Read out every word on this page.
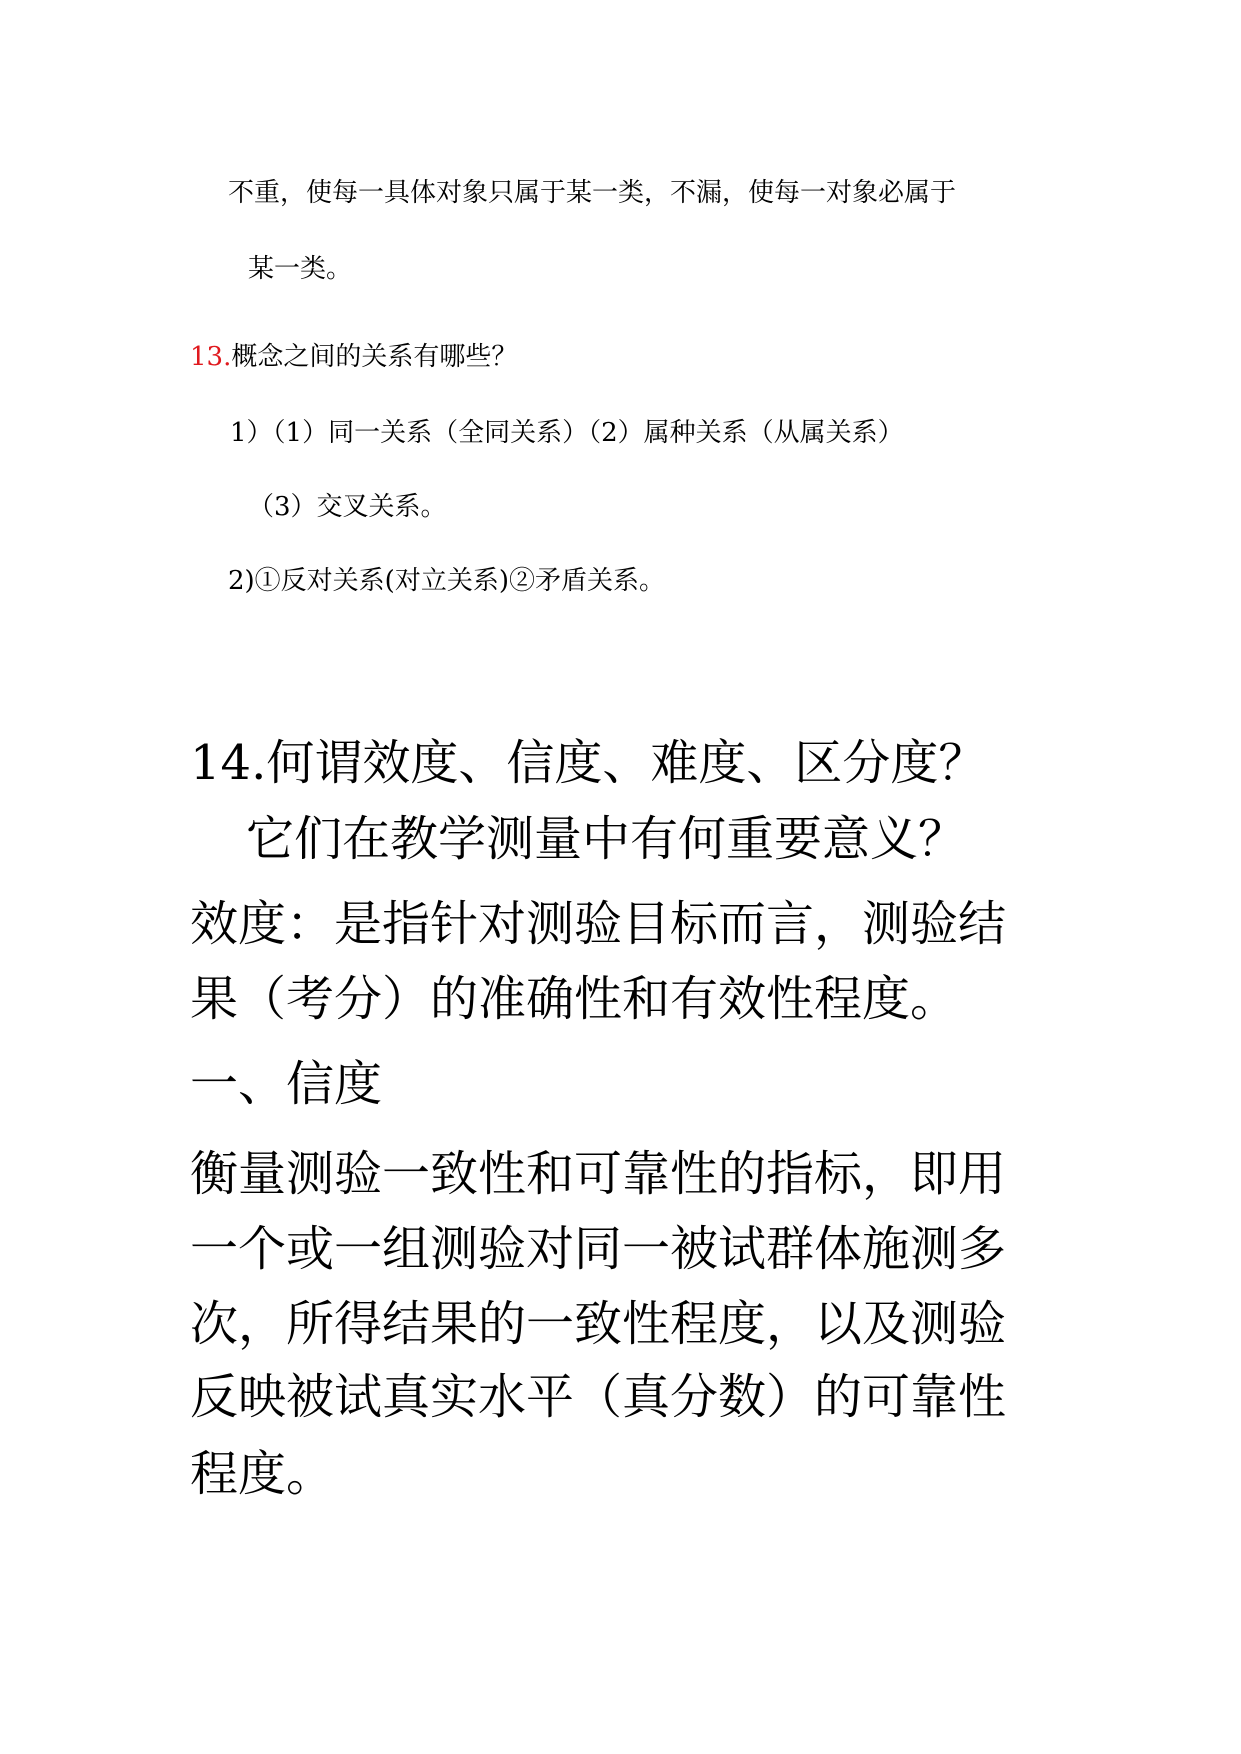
不重，使每一具体对象只属于某一类，不漏，使每一对象必属于
某一类。
13.概念之间的关系有哪些？
1）（1）同一关系（全同关系）（2）属种关系（从属关系）
（3）交叉关系。
2)①反对关系(对立关系)②矛盾关系。
14.何谓效度、信度、难度、区分度？
它们在教学测量中有何重要意义？
效度：是指针对测验目标而言，测验结
果（考分）的准确性和有效性程度。
一、信度
衡量测验一致性和可靠性的指标，即用
一个或一组测验对同一被试群体施测多
次，所得结果的一致性程度，以及测验
反映被试真实水平（真分数）的可靠性
程度。
